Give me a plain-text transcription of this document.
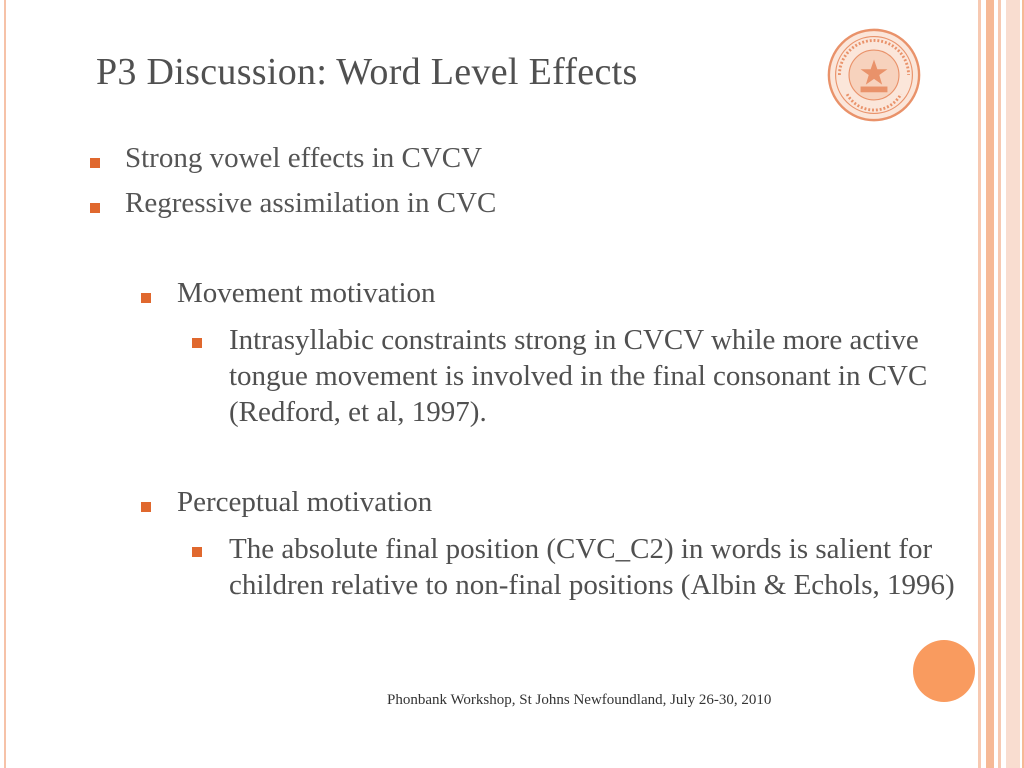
P3 Discussion: Word Level Effects
Strong vowel effects in CVCV
Regressive assimilation in CVC
Movement motivation
Intrasyllabic constraints strong in CVCV while more active tongue movement is involved in the final consonant in CVC (Redford, et al, 1997).
Perceptual motivation
The absolute final position (CVC_C2) in words is salient for children relative to non-final positions (Albin & Echols, 1996)
Phonbank Workshop, St Johns Newfoundland, July 26-30, 2010
